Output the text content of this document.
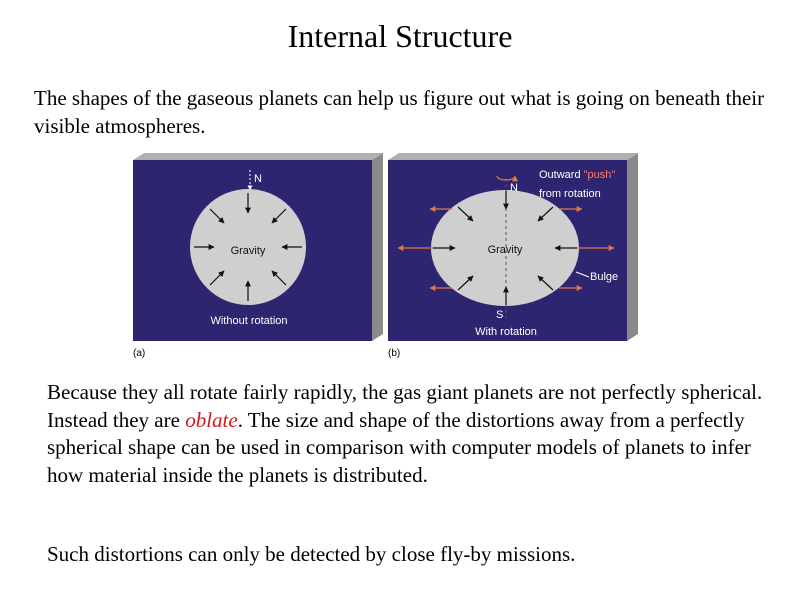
Internal Structure
The shapes of the gaseous planets can help us figure out what is going on beneath their visible atmospheres.
N
Gravity
Without rotation
(a)
N
S
Gravity
Outward "push"
from rotation
Bulge
With rotation
(b)
Because they all rotate fairly rapidly, the gas giant planets are not perfectly spherical. Instead they are oblate. The size and shape of the distortions away from a perfectly spherical shape can be used in comparison with computer models of planets to infer how material inside the planets is distributed.
Such distortions can only be detected by close fly-by missions.
